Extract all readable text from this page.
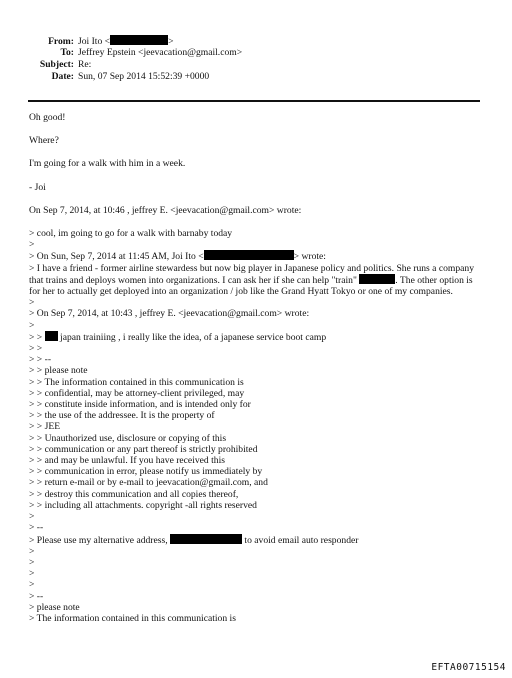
From: Joi Ito <	>
To: Jeffrey Epstein <jeevacation@gmail.com>
Subject: Re:
Date: Sun, 07 Sep 2014 15:52:39 +0000
Oh good!
Where?
I'm going for a walk with him in a week.
- Joi
On Sep 7, 2014, at 10:46 , jeffrey E. <jeevacation@gmail.com> wrote:
> cool, im going to go for a walk with barnaby today
>
> On Sun, Sep 7, 2014 at 11:45 AM, Joi Ito <	> wrote:
> I have a friend - former airline stewardess but now big player in Japanese policy and politics. She runs a company that trains and deploys women into organizations. I can ask her if she can help "train"	. The other option is for her to actually get deployed into an organization / job like the Grand Hyatt Tokyo or one of my companies.
>
> On Sep 7, 2014, at 10:43 , jeffrey E. <jeevacation@gmail.com> wrote:
>
> >  japan trainiing , i really like the idea, of a japanese service boot camp
> >
> > --
> > please note
> > The information contained in this communication is
> > confidential, may be attorney-client privileged, may
> > constitute inside information, and is intended only for
> > the use of the addressee. It is the property of
> > JEE
> > Unauthorized use, disclosure or copying of this
> > communication or any part thereof is strictly prohibited
> > and may be unlawful. If you have received this
> > communication in error, please notify us immediately by
> > return e-mail or by e-mail to jeevacation@gmail.com, and
> > destroy this communication and all copies thereof,
> > including all attachments. copyright -all rights reserved
>
> --
> Please use my alternative address,	to avoid email auto responder
>
>
>
>
> --
> please note
> The information contained in this communication is
EFTA00715154
